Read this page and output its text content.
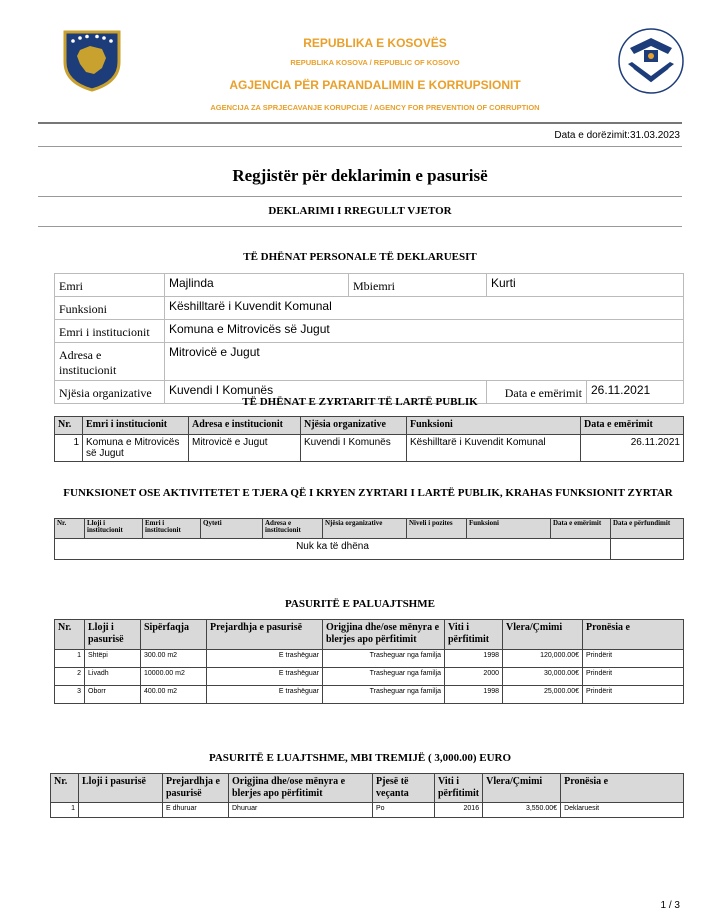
REPUBLIKA E KOSOVËS
REPUBLIKA KOSOVA / REPUBLIC OF KOSOVO
AGJENCIA PËR PARANDALIMIN E KORRUPSIONIT
AGENCIJA ZA SPRJECAVANJE KORUPCIJE / AGENCY FOR PREVENTION OF CORRUPTION
Data e dorëzimit:31.03.2023
Regjistër për deklarimin e pasurisë
DEKLARIMI I RREGULLT VJETOR
TË DHËNAT PERSONALE TË DEKLARUESIT
Emri	Majlinda	Mbiemri	Kurti	
Funksioni	Këshilltarë i Kuvendit Komunal			
Emri i institucionit	Komuna e Mitrovicës së Jugut			
Adresa e institucionit	Mitrovicë e Jugut			
Njësia organizative	Kuvendi I Komunës		Data e emërimit	26.11.2021
TË DHËNAT E ZYRTARIT TË LARTË PUBLIK
Nr.	Emri i institucionit	Adresa e institucionit	Njësia organizative	Funksioni	Data e emërimit
1	Komuna e Mitrovicës së Jugut	Mitrovicë e Jugut	Kuvendi I Komunës	Këshilltarë i Kuvendit Komunal	26.11.2021
FUNKSIONET OSE AKTIVITETET E TJERA QË I KRYEN ZYRTARI I LARTË PUBLIK, KRAHAS FUNKSIONIT ZYRTAR
Nr.	Lloji i institucionit	Emri i institucionit	Qyteti	Adresa e institucionit	Njësia organizative	Niveli i pozites	Funksioni	Data e emërimit	Data e përfundimit
Nuk ka të dhëna									
PASURITË E PALUAJTSHME
Nr.	Lloji i pasurisë	Sipërfaqja	Prejardhja e pasurisë	Origjina dhe/ose mënyra e blerjes apo përfitimit	Viti i përfitimit	Vlera/Çmimi	Pronësia e
1	Shtëpi	300.00 m2	E trashëguar	Trasheguar nga familja	1998	120,000.00€	Prindërit
2	Livadh	10000.00 m2	E trashëguar	Trasheguar nga familja	2000	30,000.00€	Prindërit
3	Oborr	400.00 m2	E trashëguar	Trasheguar nga familja	1998	25,000.00€	Prindërit
PASURITË E LUAJTSHME, MBI TREMIJË ( 3,000.00) EURO
Nr.	Lloji i pasurisë	Prejardhja e pasurisë	Origjina dhe/ose mënyra e blerjes apo përfitimit	Pjesë të veçanta	Viti i përfitimit	Vlera/Çmimi	Pronësia e
1		E dhuruar	Dhuruar	Po	2016	3,550.00€	Deklaruesit
1 / 3
